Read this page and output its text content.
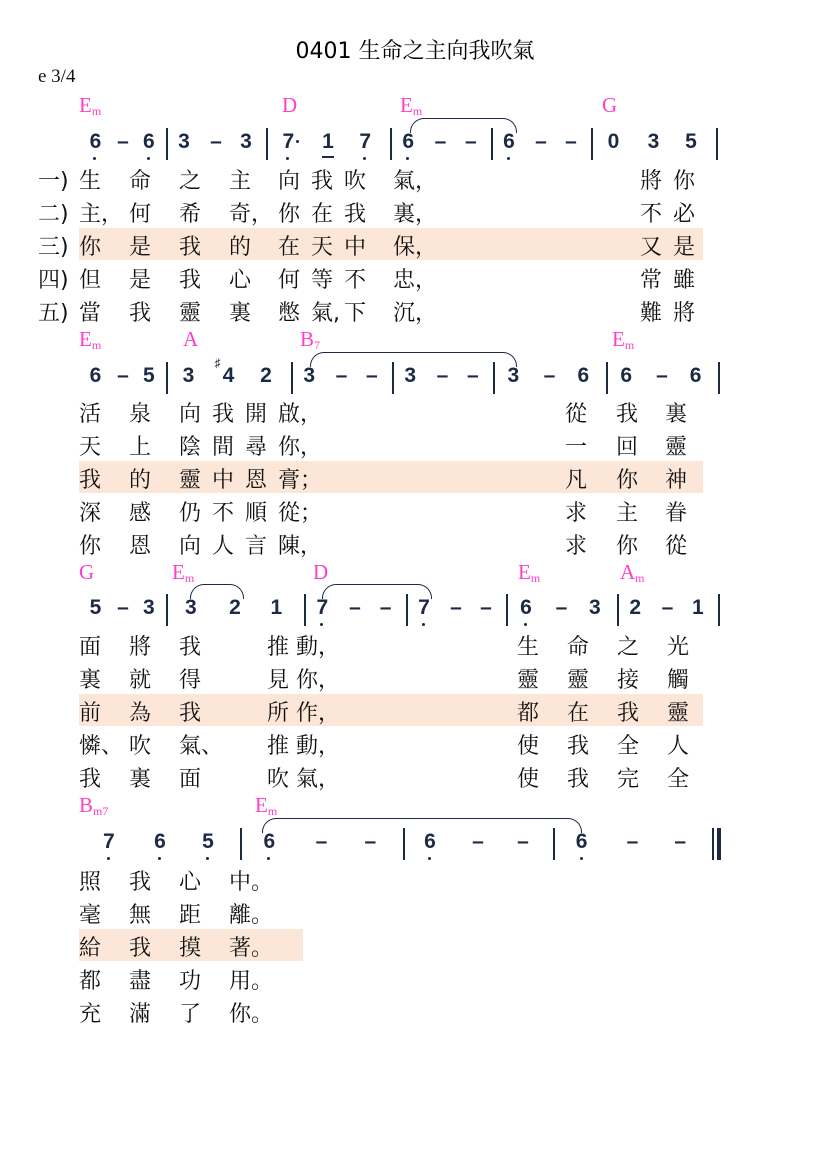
0401 生命之主向我吹氣
e 3/4
$E_m$	D	$E_m$	G
6 – 6 3 – 3 7 1 7 6 – – 6 – – 0 3 5
一) 生 命 之 主 向 我 吹 氣，	將 你
二) 主， 何 希 奇， 你 在 我 裏，	不 必
三) 你 是 我 的 在 天 中 保，	又 是
四) 但 是 我 心 何 等 不 忠，	常 雖
五) 當 我 靈 裏 憋 氣, 下 沉，	難 將
$E_m$	A	$B_7$	$E_m$
6 – 5 3 4
♯
2 3 – – 3 – – 3 – 6 6 – 6
活 泉 向 我 開 啟，	從 我 裏
天 上 陰 間 尋 你，	一 回 靈
我 的 靈 中 恩 膏；	凡 你 神
深 感 仍 不 順 從；	求 主 眷
你 恩 向 人 言 陳，	求 你 從
G	$E_m$	D	$E_m$	$A_m$
5 – 3 3 2 1 7 – – 7 – – 6 – 3 2 – 1
面 將 我	推 動，	生 命 之 光
裏 就 得	見 你，	靈 靈 接 觸
前 為 我	所 作，	都 在 我 靈
憐、 吹 氣、 推 動，	使 我 全 人
我 裏 面	吹 氣，	使 我 完 全
$B_{m7}$	$E_m$
7 6 5 6 – – 6 – – 6 – –
照 我 心 中。
毫 無 距 離。
給 我 摸 著。
都 盡 功 用。
充 滿 了 你。
